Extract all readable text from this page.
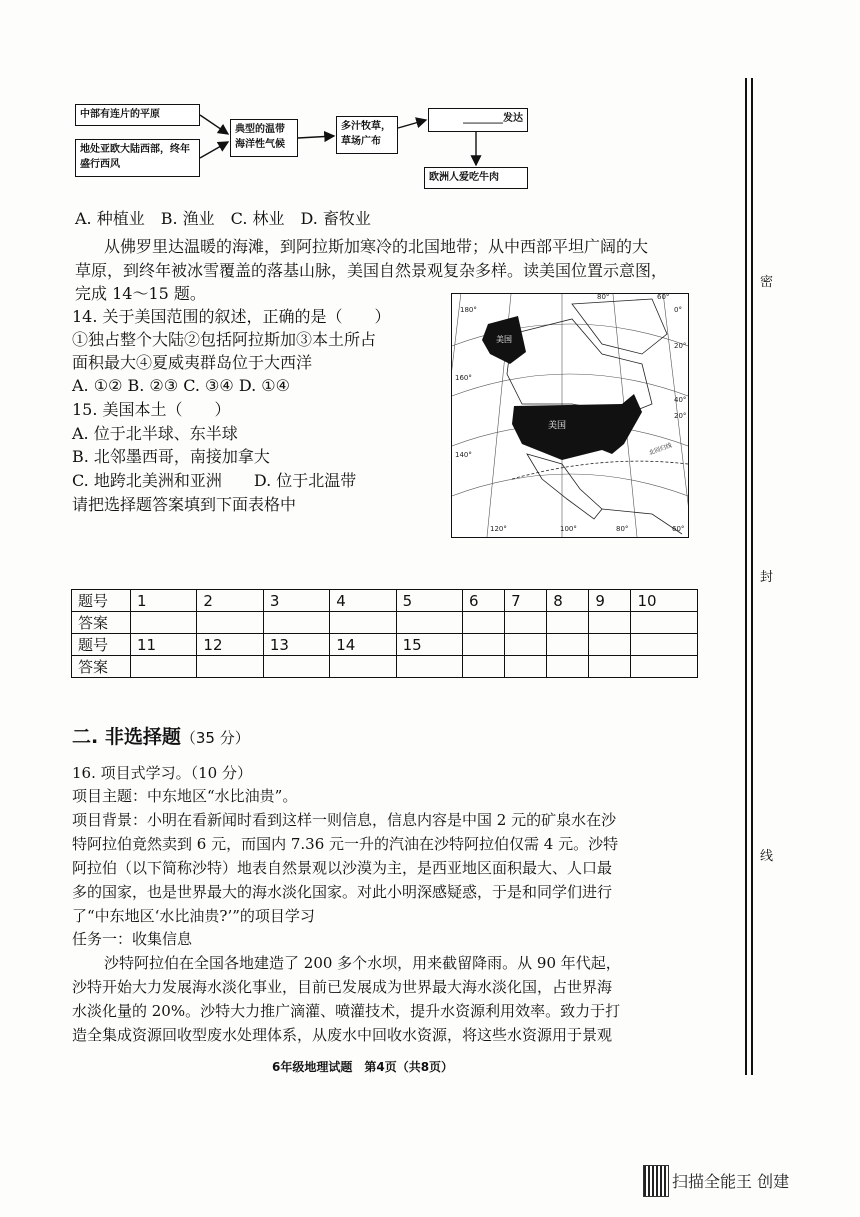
中部有连片的平原
地处亚欧大陆西部，终年盛行西风
典型的温带海洋性气候
多汁牧草，草场广布
________发达
欧洲人爱吃牛肉
A. 种植业　B. 渔业　C. 林业　D. 畜牧业
从佛罗里达温暖的海滩，到阿拉斯加寒冷的北国地带；从中西部平坦广阔的大
草原，到终年被冰雪覆盖的落基山脉，美国自然景观复杂多样。读美国位置示意图，
完成 14～15 题。
14. 关于美国范围的叙述，正确的是（　　）
①独占整个大陆②包括阿拉斯加③本土所占
面积最大④夏威夷群岛位于大西洋
A. ①② B. ②③ C. ③④ D. ①④
15. 美国本土（　　）
A. 位于北半球、东半球
B. 北邻墨西哥，南接加拿大
C. 地跨北美洲和亚洲　　D. 位于北温带
请把选择题答案填到下面表格中
180°
80°	60°
0°
20°
160°
40°
20°
140°
120°	100°	80°	60°
美国
美国
北回归线
题号	1	2	3	4	5	6	7	8	9	10
答案										
题号	11	12	13	14	15					
答案										
二. 非选择题（35 分）
16. 项目式学习。（10 分）
项目主题：中东地区“水比油贵”。
项目背景：小明在看新闻时看到这样一则信息，信息内容是中国 2 元的矿泉水在沙
特阿拉伯竟然卖到 6 元，而国内 7.36 元一升的汽油在沙特阿拉伯仅需 4 元。沙特
阿拉伯（以下简称沙特）地表自然景观以沙漠为主，是西亚地区面积最大、人口最
多的国家，也是世界最大的海水淡化国家。对此小明深感疑惑，于是和同学们进行
了“中东地区‘水比油贵?’”的项目学习
任务一：收集信息
沙特阿拉伯在全国各地建造了 200 多个水坝，用来截留降雨。从 90 年代起，
沙特开始大力发展海水淡化事业，目前已发展成为世界最大海水淡化国，占世界海
水淡化量的 20%。沙特大力推广滴灌、喷灌技术，提升水资源利用效率。致力于打
造全集成资源回收型废水处理体系，从废水中回收水资源，将这些水资源用于景观
6年级地理试题　第4页（共8页）
密
封
线
扫描全能王 创建
